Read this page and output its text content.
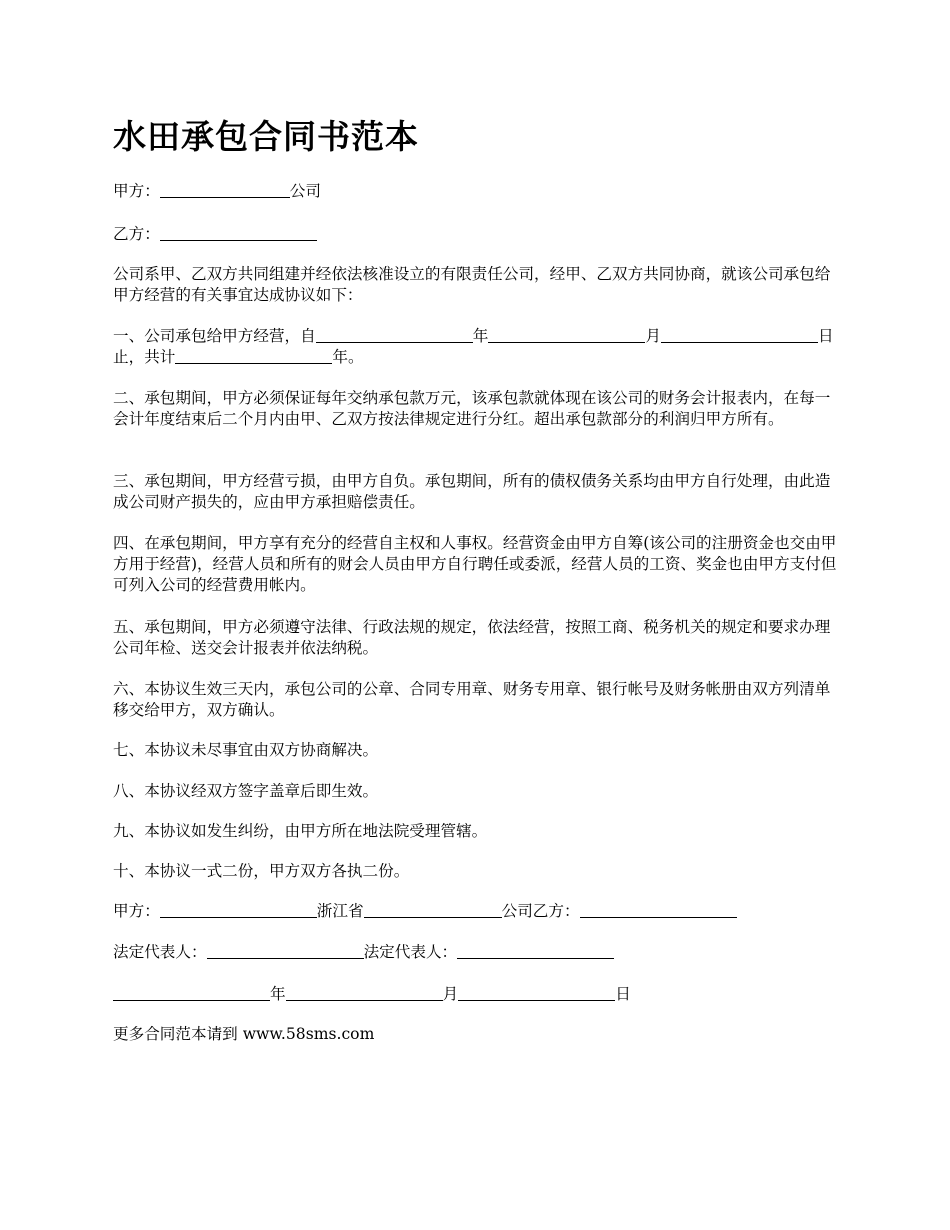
水田承包合同书范本

甲方：	公司

乙方：

公司系甲、乙双方共同组建并经依法核准设立的有限责任公司，经甲、乙双方共同协商，就该公司承包给甲方经营的有关事宜达成协议如下：

一、公司承包给甲方经营，自	年	月	日止，共计	年。

二、承包期间，甲方必须保证每年交纳承包款万元，该承包款就体现在该公司的财务会计报表内，在每一会计年度结束后二个月内由甲、乙双方按法律规定进行分红。超出承包款部分的利润归甲方所有。

三、承包期间，甲方经营亏损，由甲方自负。承包期间，所有的债权债务关系均由甲方自行处理，由此造成公司财产损失的，应由甲方承担赔偿责任。

四、在承包期间，甲方享有充分的经营自主权和人事权。经营资金由甲方自筹(该公司的注册资金也交由甲方用于经营)，经营人员和所有的财会人员由甲方自行聘任或委派，经营人员的工资、奖金也由甲方支付但可列入公司的经营费用帐内。

五、承包期间，甲方必须遵守法律、行政法规的规定，依法经营，按照工商、税务机关的规定和要求办理公司年检、送交会计报表并依法纳税。

六、本协议生效三天内，承包公司的公章、合同专用章、财务专用章、银行帐号及财务帐册由双方列清单移交给甲方，双方确认。

七、本协议未尽事宜由双方协商解决。

八、本协议经双方签字盖章后即生效。

九、本协议如发生纠纷，由甲方所在地法院受理管辖。

十、本协议一式二份，甲方双方各执二份。

甲方：	浙江省	公司乙方：

法定代表人：	法定代表人：

年	月	日

更多合同范本请到 www.58sms.com
